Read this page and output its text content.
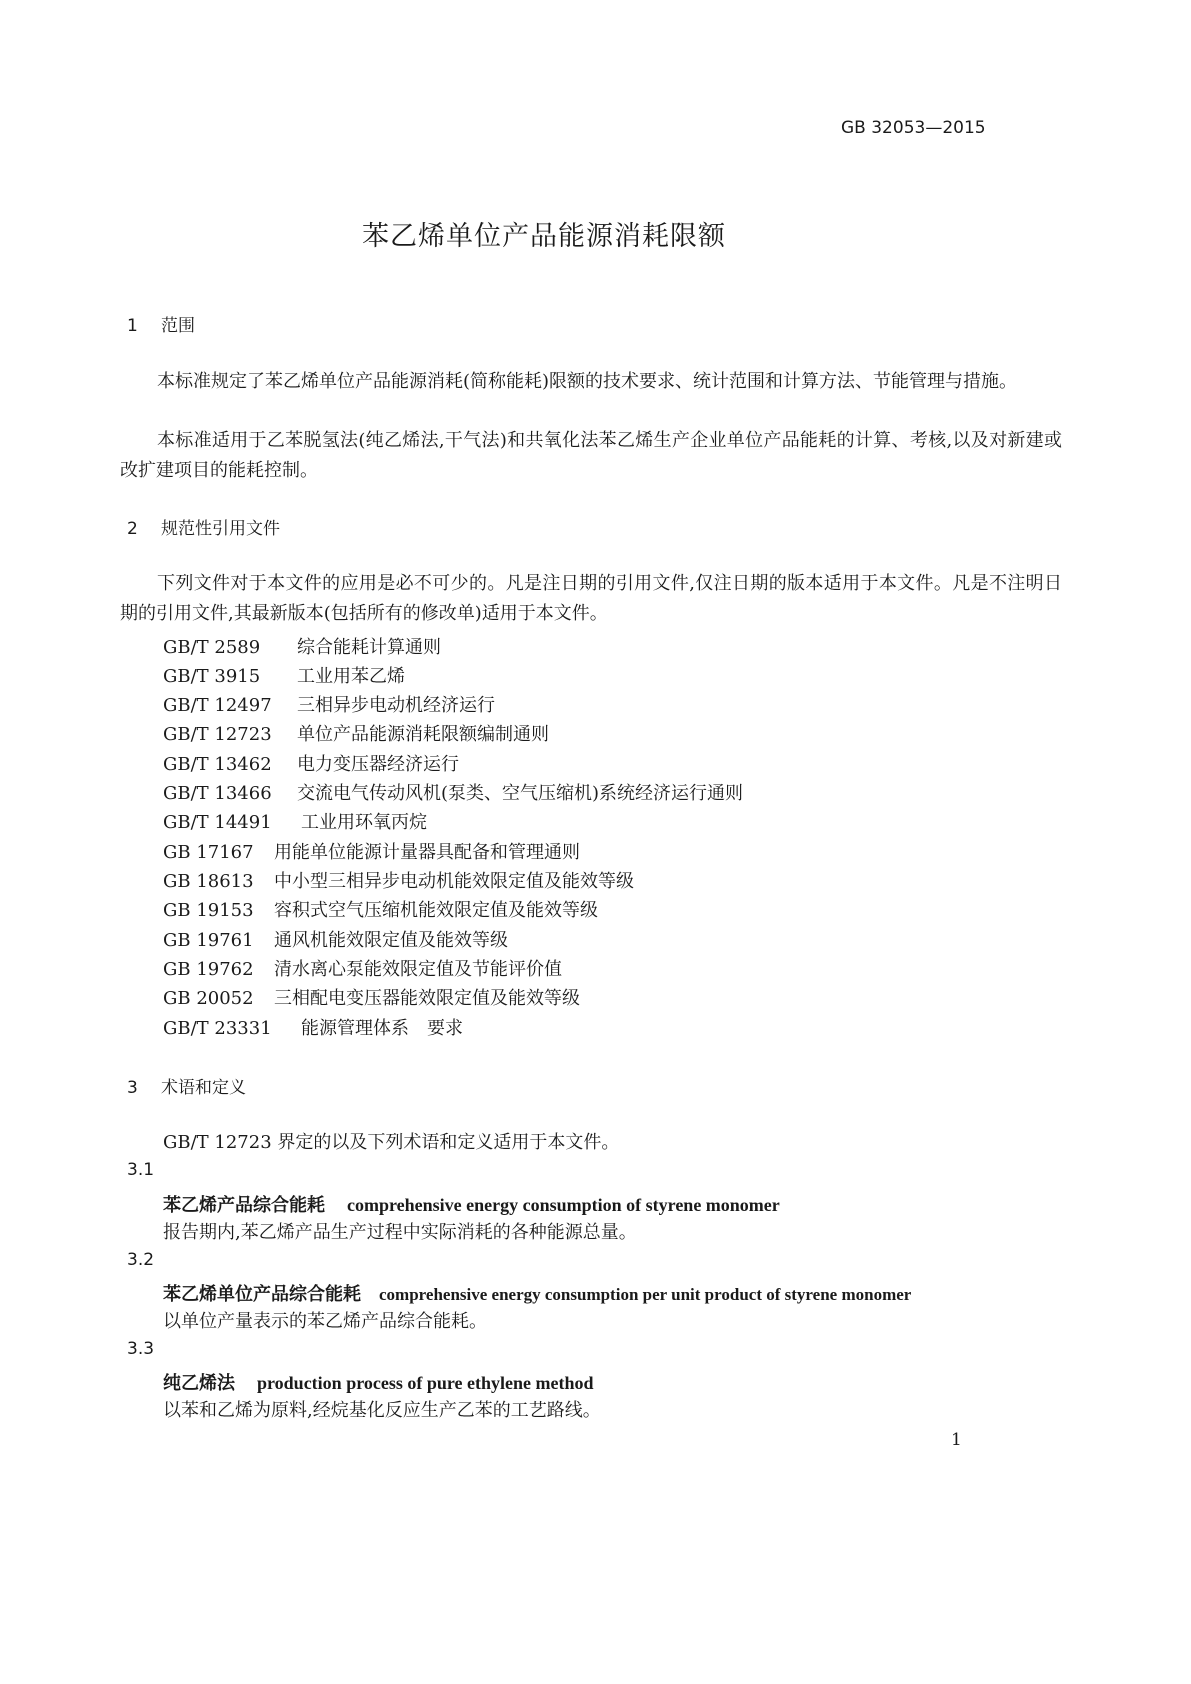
GB 32053—2015
苯乙烯单位产品能源消耗限额
1 范围
本标准规定了苯乙烯单位产品能源消耗(简称能耗)限额的技术要求、统计范围和计算方法、节能管理与措施。
本标准适用于乙苯脱氢法(纯乙烯法,干气法)和共氧化法苯乙烯生产企业单位产品能耗的计算、考核,以及对新建或改扩建项目的能耗控制。
2 规范性引用文件
下列文件对于本文件的应用是必不可少的。凡是注日期的引用文件,仅注日期的版本适用于本文件。凡是不注明日期的引用文件,其最新版本(包括所有的修改单)适用于本文件。
GB/T 2589 综合能耗计算通则
GB/T 3915 工业用苯乙烯
GB/T 12497 三相异步电动机经济运行
GB/T 12723 单位产品能源消耗限额编制通则
GB/T 13462 电力变压器经济运行
GB/T 13466 交流电气传动风机(泵类、空气压缩机)系统经济运行通则
GB/T 14491 工业用环氧丙烷
GB 17167 用能单位能源计量器具配备和管理通则
GB 18613 中小型三相异步电动机能效限定值及能效等级
GB 19153 容积式空气压缩机能效限定值及能效等级
GB 19761 通风机能效限定值及能效等级
GB 19762 清水离心泵能效限定值及节能评价值
GB 20052 三相配电变压器能效限定值及能效等级
GB/T 23331 能源管理体系　要求
3 术语和定义
GB/T 12723 界定的以及下列术语和定义适用于本文件。
3.1
苯乙烯产品综合能耗 comprehensive energy consumption of styrene monomer
报告期内,苯乙烯产品生产过程中实际消耗的各种能源总量。
3.2
苯乙烯单位产品综合能耗 comprehensive energy consumption per unit product of styrene monomer
以单位产量表示的苯乙烯产品综合能耗。
3.3
纯乙烯法 production process of pure ethylene method
以苯和乙烯为原料,经烷基化反应生产乙苯的工艺路线。
1
